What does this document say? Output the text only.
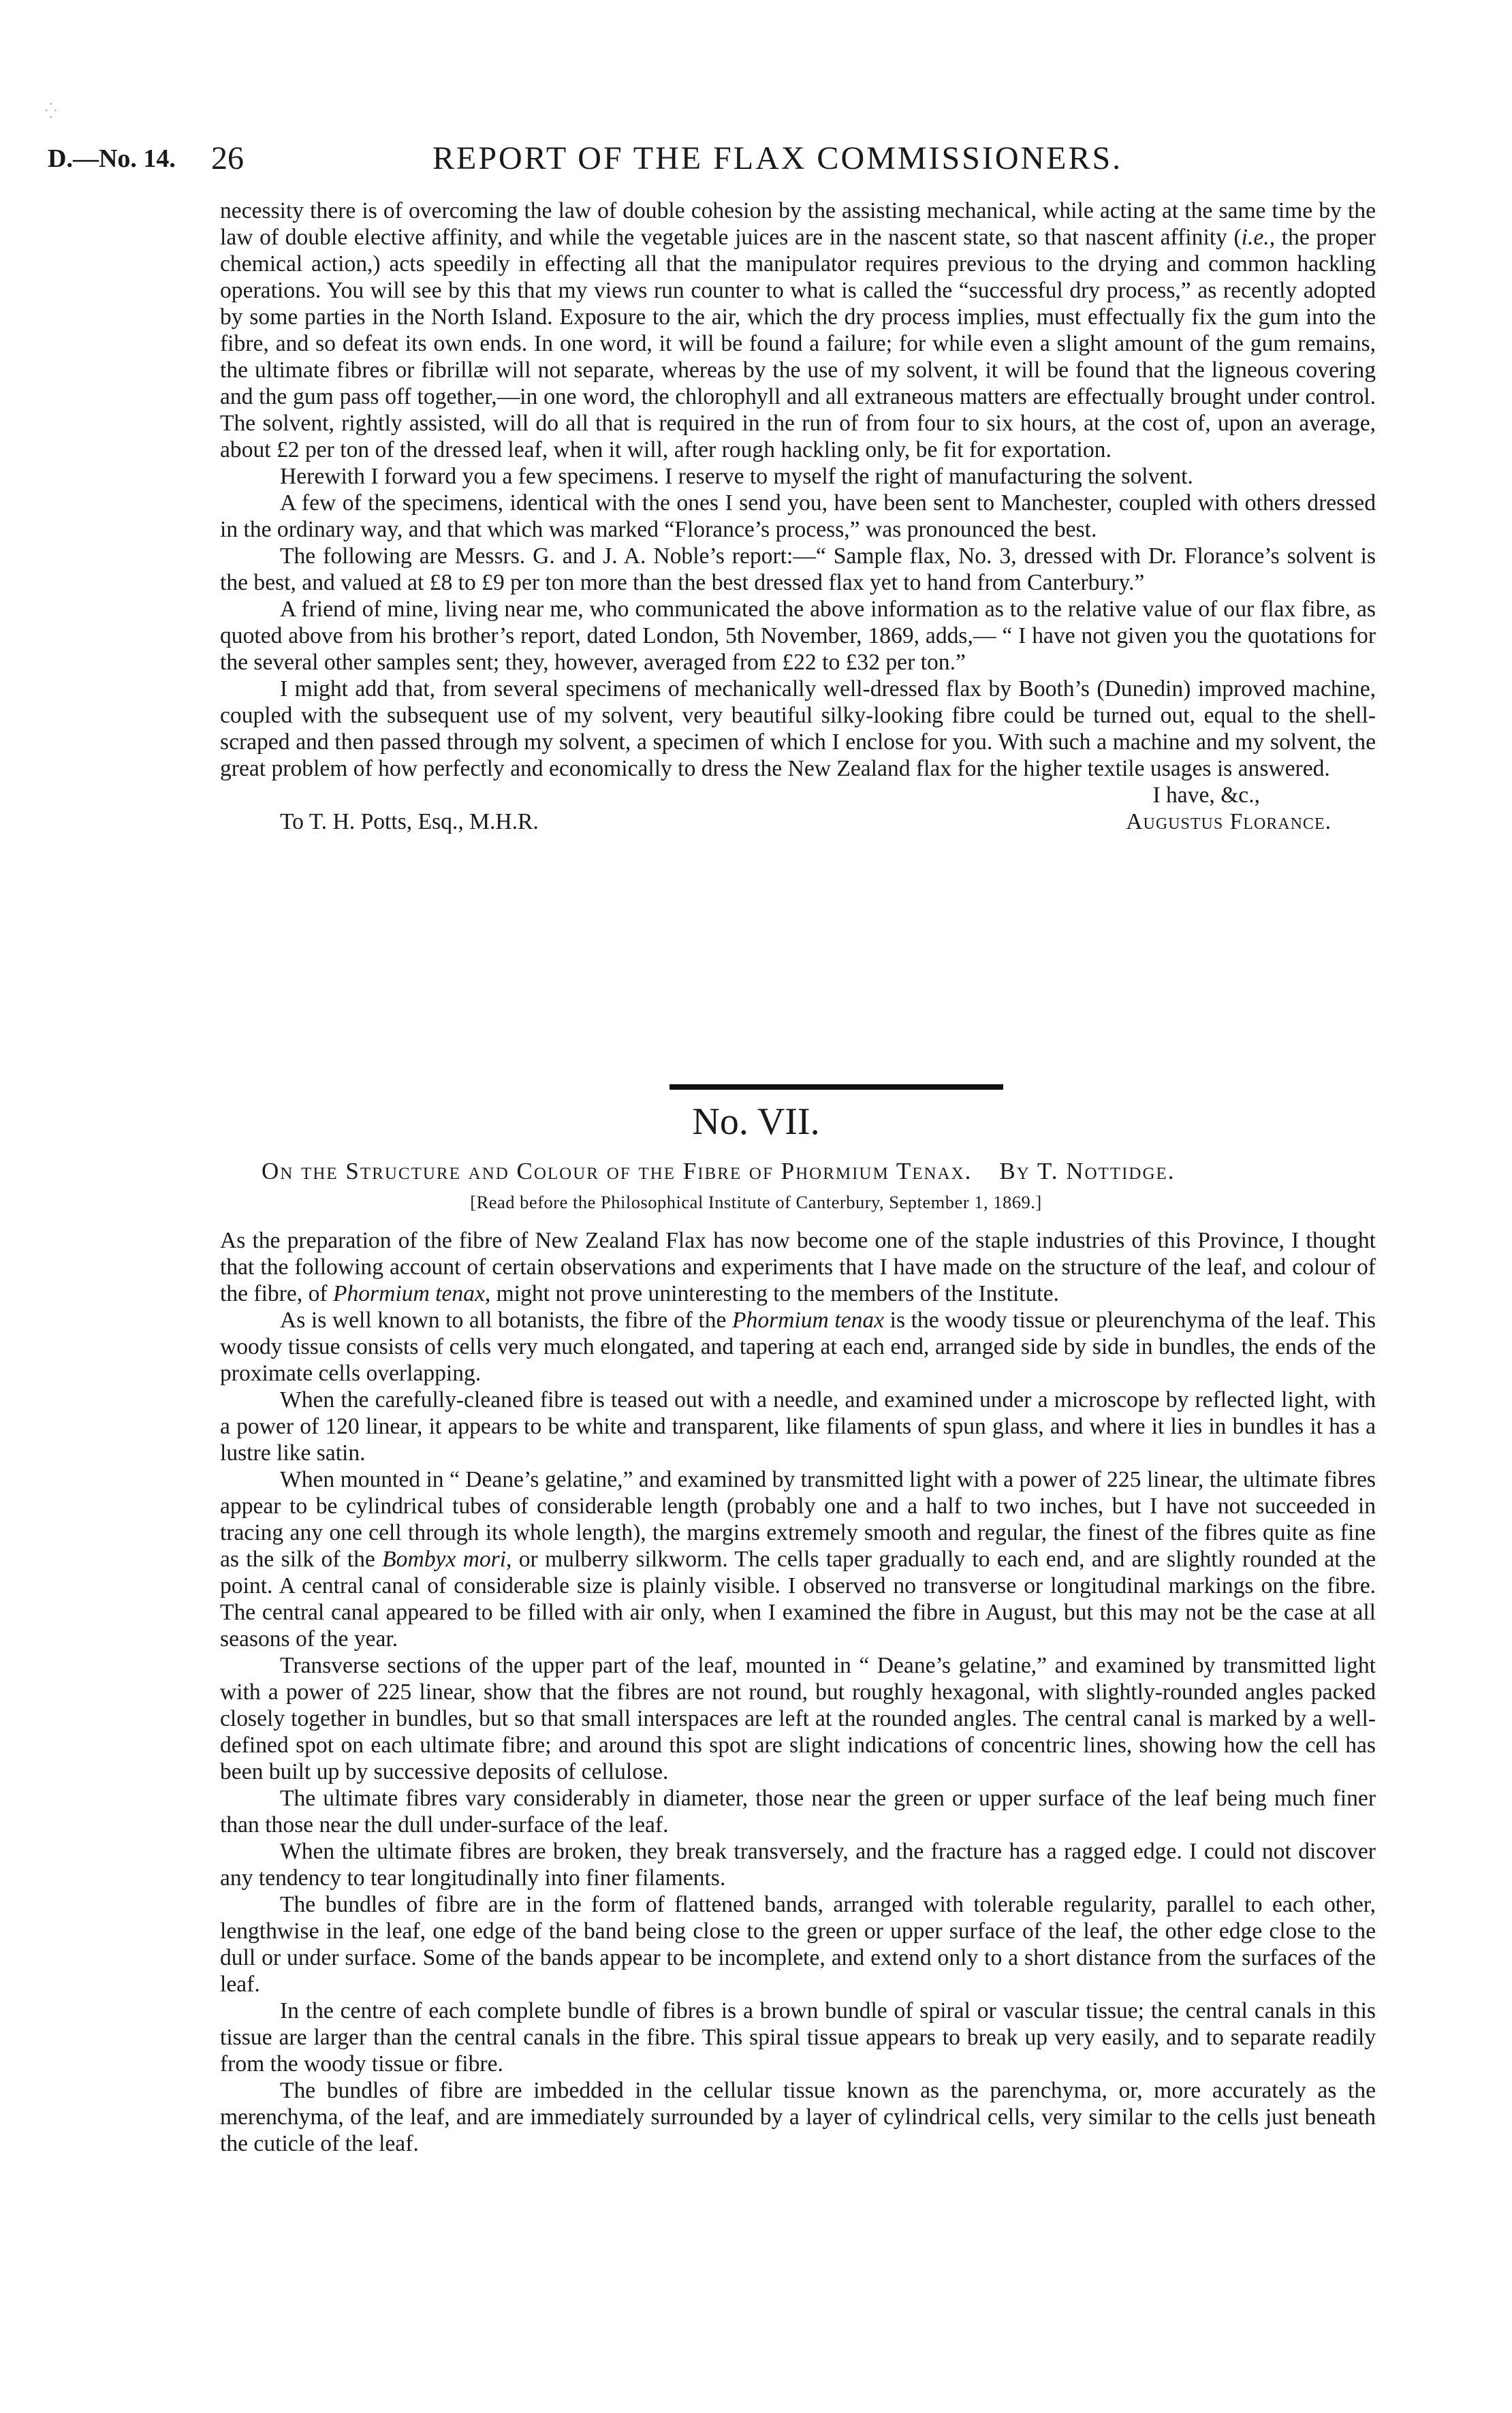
⁛
D.—No. 14. 26	REPORT OF THE FLAX COMMISSIONERS.

necessity there is of overcoming the law of double cohesion by the assisting mechanical, while acting at the same time by the law of double elective affinity, and while the vegetable juices are in the nascent state, so that nascent affinity (i.e., the proper chemical action,) acts speedily in effecting all that the manipulator requires previous to the drying and common hackling operations. You will see by this that my views run counter to what is called the “successful dry process,” as recently adopted by some parties in the North Island. Exposure to the air, which the dry process implies, must effectually fix the gum into the fibre, and so defeat its own ends. In one word, it will be found a failure; for while even a slight amount of the gum remains, the ultimate fibres or fibrillæ will not separate, whereas by the use of my solvent, it will be found that the ligneous covering and the gum pass off together,—in one word, the chlorophyll and all extraneous matters are effectually brought under control. The solvent, rightly assisted, will do all that is required in the run of from four to six hours, at the cost of, upon an average, about £2 per ton of the dressed leaf, when it will, after rough hackling only, be fit for exportation.

Herewith I forward you a few specimens. I reserve to myself the right of manufacturing the solvent.

A few of the specimens, identical with the ones I send you, have been sent to Manchester, coupled with others dressed in the ordinary way, and that which was marked “Florance’s process,” was pronounced the best.

The following are Messrs. G. and J. A. Noble’s report:—“ Sample flax, No. 3, dressed with Dr. Florance’s solvent is the best, and valued at £8 to £9 per ton more than the best dressed flax yet to hand from Canterbury.”

A friend of mine, living near me, who communicated the above information as to the relative value of our flax fibre, as quoted above from his brother’s report, dated London, 5th November, 1869, adds,— “ I have not given you the quotations for the several other samples sent; they, however, averaged from £22 to £32 per ton.”

I might add that, from several specimens of mechanically well-dressed flax by Booth’s (Dunedin) improved machine, coupled with the subsequent use of my solvent, very beautiful silky-looking fibre could be turned out, equal to the shell-scraped and then passed through my solvent, a specimen of which I enclose for you. With such a machine and my solvent, the great problem of how perfectly and economically to dress the New Zealand flax for the higher textile usages is answered.

I have, &c.,
To T. H. Potts, Esq., M.H.R.	Augustus Florance.
No. VII.
On the Structure and Colour of the Fibre of Phormium Tenax. By T. Nottidge.
[Read before the Philosophical Institute of Canterbury, September 1, 1869.]

As the preparation of the fibre of New Zealand Flax has now become one of the staple industries of this Province, I thought that the following account of certain observations and experiments that I have made on the structure of the leaf, and colour of the fibre, of Phormium tenax, might not prove uninteresting to the members of the Institute.

As is well known to all botanists, the fibre of the Phormium tenax is the woody tissue or pleurenchyma of the leaf. This woody tissue consists of cells very much elongated, and tapering at each end, arranged side by side in bundles, the ends of the proximate cells overlapping.

When the carefully-cleaned fibre is teased out with a needle, and examined under a microscope by reflected light, with a power of 120 linear, it appears to be white and transparent, like filaments of spun glass, and where it lies in bundles it has a lustre like satin.

When mounted in “ Deane’s gelatine,” and examined by transmitted light with a power of 225 linear, the ultimate fibres appear to be cylindrical tubes of considerable length (probably one and a half to two inches, but I have not succeeded in tracing any one cell through its whole length), the margins extremely smooth and regular, the finest of the fibres quite as fine as the silk of the Bombyx mori, or mulberry silkworm. The cells taper gradually to each end, and are slightly rounded at the point. A central canal of considerable size is plainly visible. I observed no transverse or longitudinal markings on the fibre. The central canal appeared to be filled with air only, when I examined the fibre in August, but this may not be the case at all seasons of the year.

Transverse sections of the upper part of the leaf, mounted in “ Deane’s gelatine,” and examined by transmitted light with a power of 225 linear, show that the fibres are not round, but roughly hexagonal, with slightly-rounded angles packed closely together in bundles, but so that small interspaces are left at the rounded angles. The central canal is marked by a well-defined spot on each ultimate fibre; and around this spot are slight indications of concentric lines, showing how the cell has been built up by successive deposits of cellulose.

The ultimate fibres vary considerably in diameter, those near the green or upper surface of the leaf being much finer than those near the dull under-surface of the leaf.

When the ultimate fibres are broken, they break transversely, and the fracture has a ragged edge. I could not discover any tendency to tear longitudinally into finer filaments.

The bundles of fibre are in the form of flattened bands, arranged with tolerable regularity, parallel to each other, lengthwise in the leaf, one edge of the band being close to the green or upper surface of the leaf, the other edge close to the dull or under surface. Some of the bands appear to be incomplete, and extend only to a short distance from the surfaces of the leaf.

In the centre of each complete bundle of fibres is a brown bundle of spiral or vascular tissue; the central canals in this tissue are larger than the central canals in the fibre. This spiral tissue appears to break up very easily, and to separate readily from the woody tissue or fibre.

The bundles of fibre are imbedded in the cellular tissue known as the parenchyma, or, more accurately as the merenchyma, of the leaf, and are immediately surrounded by a layer of cylindrical cells, very similar to the cells just beneath the cuticle of the leaf.
